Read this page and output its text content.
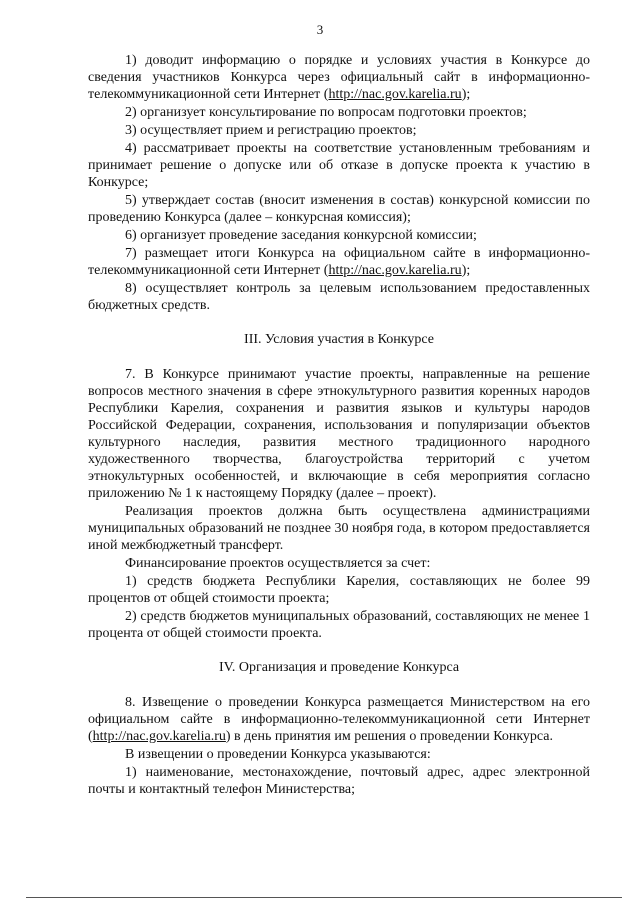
3

1) доводит информацию о порядке и условиях участия в Конкурсе до сведения участников Конкурса через официальный сайт в информационно-телекоммуникационной сети Интернет (http://nac.gov.karelia.ru);

2) организует консультирование по вопросам подготовки проектов;

3) осуществляет прием и регистрацию проектов;

4) рассматривает проекты на соответствие установленным требованиям и принимает решение о допуске или об отказе в допуске проекта к участию в Конкурсе;

5) утверждает состав (вносит изменения в состав) конкурсной комиссии по проведению Конкурса (далее – конкурсная комиссия);

6) организует проведение заседания конкурсной комиссии;

7) размещает итоги Конкурса на официальном сайте в информационно-телекоммуникационной сети Интернет (http://nac.gov.karelia.ru);

8) осуществляет контроль за целевым использованием предоставленных бюджетных средств.

III. Условия участия в Конкурсе

7. В Конкурсе принимают участие проекты, направленные на решение вопросов местного значения в сфере этнокультурного развития коренных народов Республики Карелия, сохранения и развития языков и культуры народов Российской Федерации, сохранения, использования и популяризации объектов культурного наследия, развития местного традиционного народного художественного творчества, благоустройства территорий с учетом этнокультурных особенностей, и включающие в себя мероприятия согласно приложению № 1 к настоящему Порядку (далее – проект).

Реализация проектов должна быть осуществлена администрациями муниципальных образований не позднее 30 ноября года, в котором предоставляется иной межбюджетный трансферт.

Финансирование проектов осуществляется за счет:

1) средств бюджета Республики Карелия, составляющих не более 99 процентов от общей стоимости проекта;

2) средств бюджетов муниципальных образований, составляющих не менее 1 процента от общей стоимости проекта.

IV. Организация и проведение Конкурса

8. Извещение о проведении Конкурса размещается Министерством на его официальном сайте в информационно-телекоммуникационной сети Интернет (http://nac.gov.karelia.ru) в день принятия им решения о проведении Конкурса.

В извещении о проведении Конкурса указываются:

1) наименование, местонахождение, почтовый адрес, адрес электронной почты и контактный телефон Министерства;
